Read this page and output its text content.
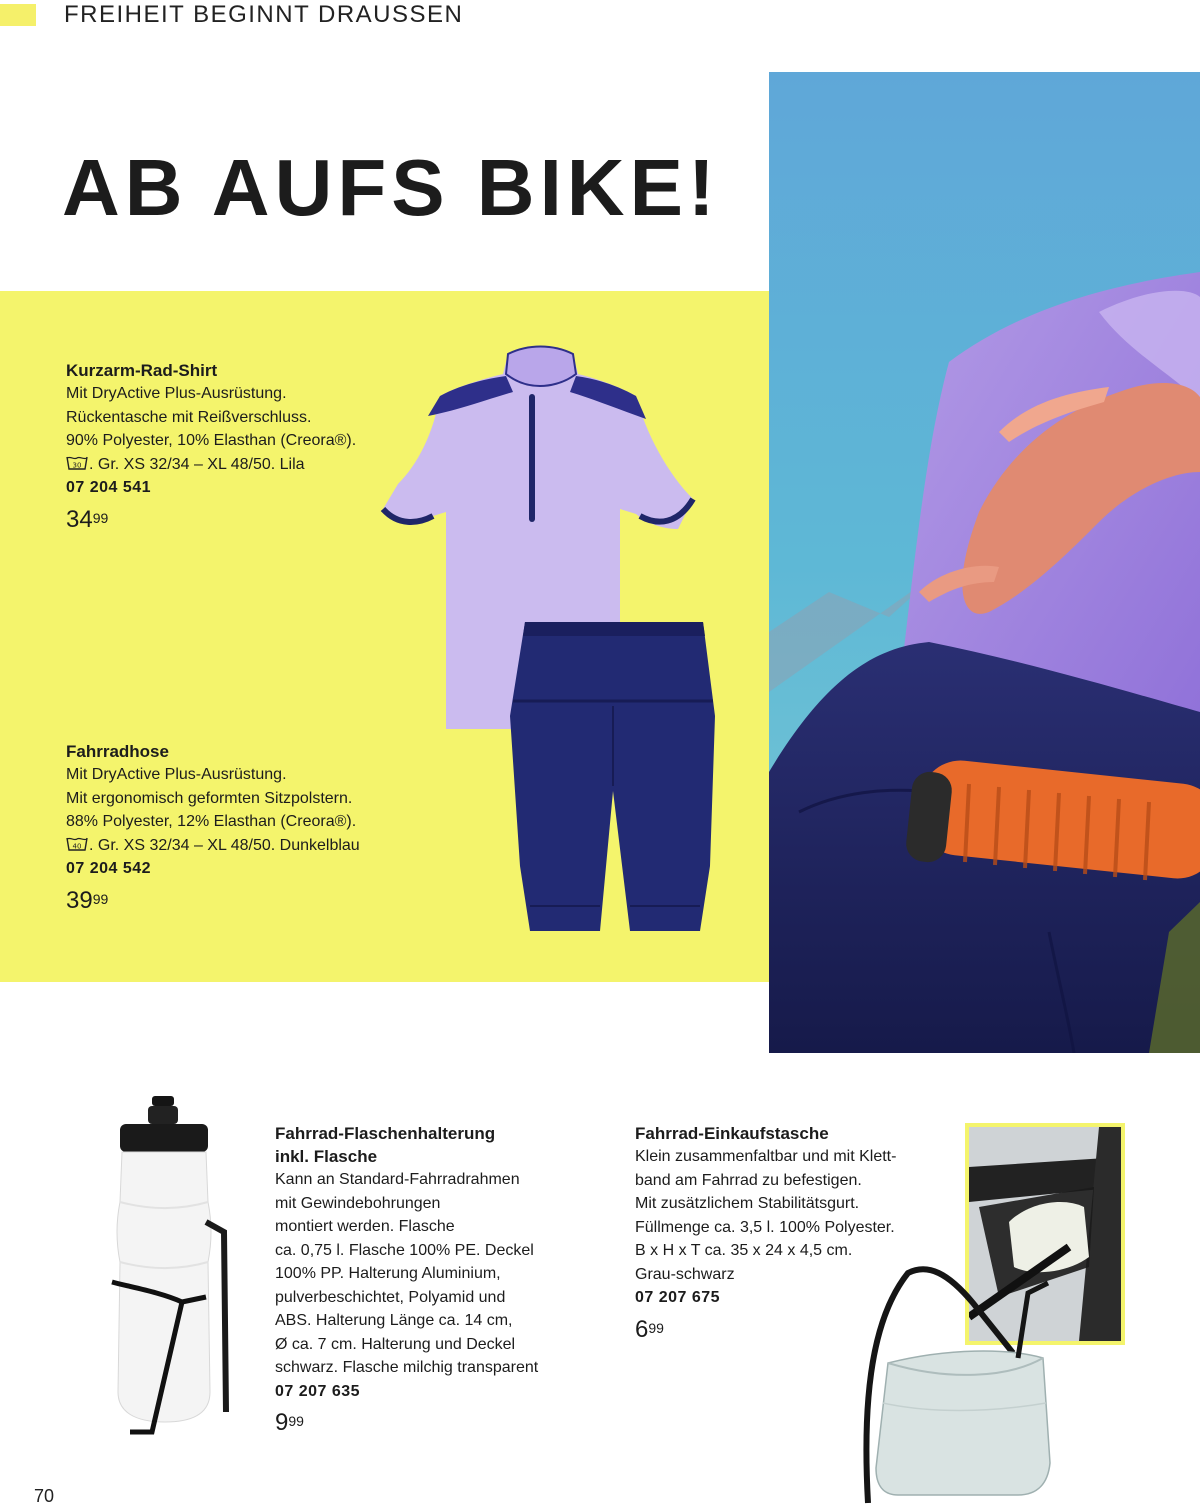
FREIHEIT BEGINNT DRAUSSEN
AB AUFS BIKE!
Kurzarm-Rad-Shirt
Mit DryActive Plus-Ausrüstung.
Rückentasche mit Reißverschluss.
90% Polyester, 10% Elasthan (Creora®).
30 . Gr. XS 32/34 – XL 48/50. Lila
07 204 541
$34^{99}$
Fahrradhose
Mit DryActive Plus-Ausrüstung.
Mit ergonomisch geformten Sitzpolstern.
88% Polyester, 12% Elasthan (Creora®).
40 . Gr. XS 32/34 – XL 48/50. Dunkelblau
07 204 542
$39^{99}$
Fahrrad-Flaschenhalterung
inkl. Flasche
Kann an Standard-Fahrradrahmen
mit Gewindebohrungen
montiert werden. Flasche
ca. 0,75 l. Flasche 100% PE. Deckel
100% PP. Halterung Aluminium,
pulverbeschichtet, Polyamid und
ABS. Halterung Länge ca. 14 cm,
Ø ca. 7 cm. Halterung und Deckel
schwarz. Flasche milchig transparent
07 207 635
$9^{99}$
Fahrrad-Einkaufstasche
Klein zusammenfaltbar und mit Klett-
band am Fahrrad zu befestigen.
Mit zusätzlichem Stabilitätsgurt.
Füllmenge ca. 3,5 l. 100% Polyester.
B x H x T ca. 35 x 24 x 4,5 cm.
Grau-schwarz
07 207 675
$6^{99}$
70
